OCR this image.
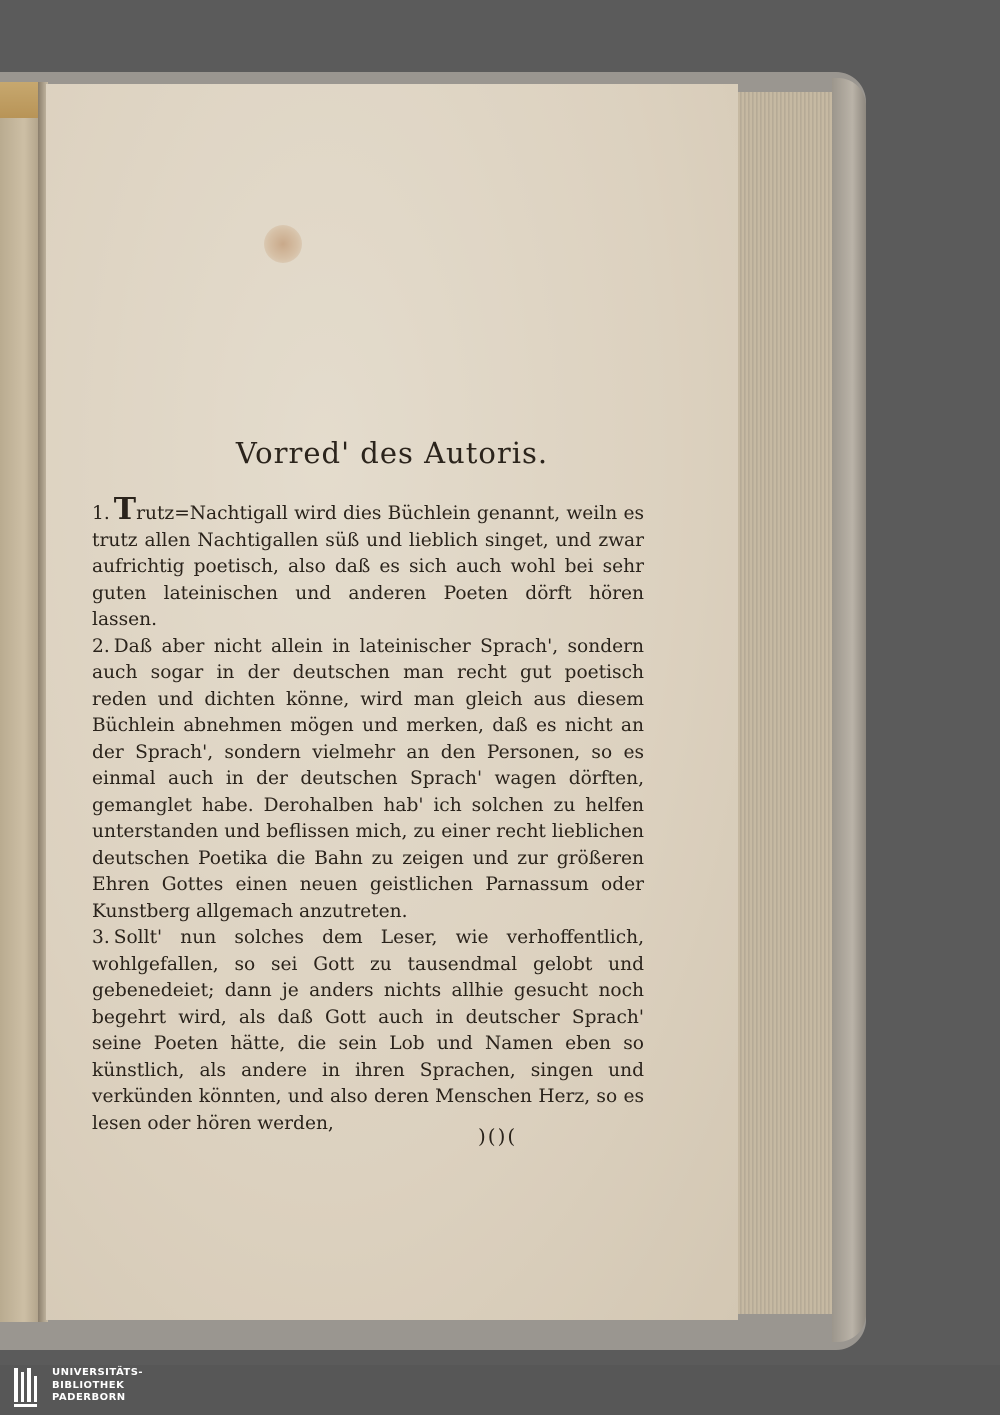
Vorred' des Autoris.

1. Trutz=Nachtigall wird dies Büchlein genannt, weiln es trutz allen Nachtigallen süß und lieblich singet, und zwar aufrichtig poetisch, also daß es sich auch wohl bei sehr guten lateinischen und anderen Poeten dörft hören lassen.

2. Daß aber nicht allein in lateinischer Sprach', sondern auch sogar in der deutschen man recht gut poetisch reden und dichten könne, wird man gleich aus diesem Büchlein abnehmen mögen und merken, daß es nicht an der Sprach', sondern vielmehr an den Personen, so es einmal auch in der deutschen Sprach' wagen dörften, gemanglet habe. Derohalben hab' ich solchen zu helfen unterstanden und beflissen mich, zu einer recht lieblichen deutschen Poetika die Bahn zu zeigen und zur größeren Ehren Gottes einen neuen geistlichen Parnassum oder Kunstberg allgemach anzutreten.

3. Sollt' nun solches dem Leser, wie verhoffentlich, wohlgefallen, so sei Gott zu tausendmal gelobt und gebenedeiet; dann je anders nichts allhie gesucht noch begehrt wird, als daß Gott auch in deutscher Sprach' seine Poeten hätte, die sein Lob und Namen eben so künstlich, als andere in ihren Sprachen, singen und verkünden könnten, und also deren Menschen Herz, so es lesen oder hören werden,

)()(
UNIVERSITÄTS-
BIBLIOTHEK
PADERBORN
